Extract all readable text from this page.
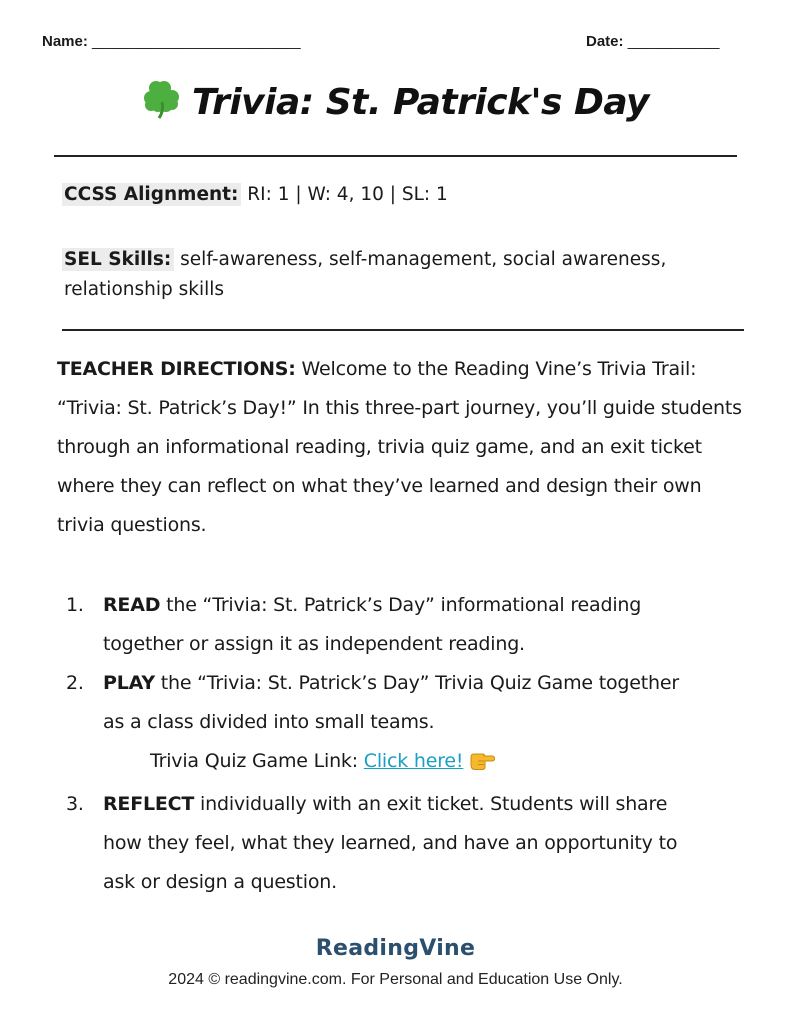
Name: _________________________	Date: ___________
Trivia: St. Patrick's Day
CCSS Alignment: RI: 1 | W: 4, 10 | SL: 1
SEL Skills: self-awareness, self-management, social awareness,
relationship skills
TEACHER DIRECTIONS: Welcome to the Reading Vine’s Trivia Trail: “Trivia: St. Patrick’s Day!” In this three-part journey, you’ll guide students through an informational reading, trivia quiz game, and an exit ticket where they can reflect on what they’ve learned and design their own trivia questions.
1. READ the “Trivia: St. Patrick’s Day” informational reading
together or assign it as independent reading.
2. PLAY the “Trivia: St. Patrick’s Day” Trivia Quiz Game together
as a class divided into small teams.
Trivia Quiz Game Link: Click here!
3. REFLECT individually with an exit ticket. Students will share
how they feel, what they learned, and have an opportunity to
ask or design a question.
ReadingVine
2024 © readingvine.com. For Personal and Education Use Only.
